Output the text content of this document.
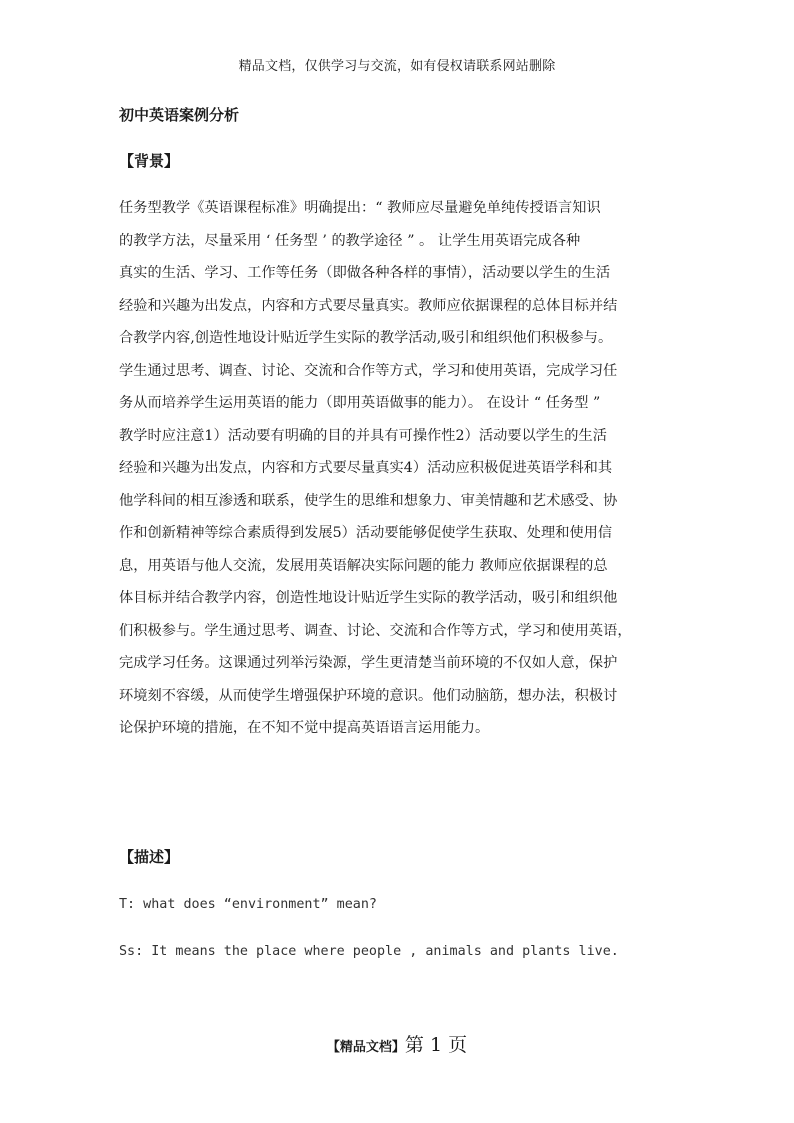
精品文档，仅供学习与交流，如有侵权请联系网站删除
初中英语案例分析
【背景】
任务型教学《英语课程标准》明确提出：“ 教师应尽量避免单纯传授语言知识
的教学方法，尽量采用 ‘ 任务型 ’ 的教学途径 ” 。 让学生用英语完成各种
真实的生活、学习、工作等任务（即做各种各样的事情），活动要以学生的生活
经验和兴趣为出发点，内容和方式要尽量真实。教师应依据课程的总体目标并结
合教学内容,创造性地设计贴近学生实际的教学活动,吸引和组织他们积极参与。
学生通过思考、调查、讨论、交流和合作等方式，学习和使用英语，完成学习任
务从而培养学生运用英语的能力（即用英语做事的能力）。 在设计 “ 任务型 ”
教学时应注意1）活动要有明确的目的并具有可操作性2）活动要以学生的生活
经验和兴趣为出发点，内容和方式要尽量真实4）活动应积极促进英语学科和其
他学科间的相互渗透和联系，使学生的思维和想象力、审美情趣和艺术感受、协
作和创新精神等综合素质得到发展5）活动要能够促使学生获取、处理和使用信
息，用英语与他人交流，发展用英语解决实际问题的能力 教师应依据课程的总
体目标并结合教学内容，创造性地设计贴近学生实际的教学活动，吸引和组织他
们积极参与。学生通过思考、调查、讨论、交流和合作等方式，学习和使用英语，
完成学习任务。这课通过列举污染源，学生更清楚当前环境的不仅如人意，保护
环境刻不容缓，从而使学生增强保护环境的意识。他们动脑筋，想办法，积极讨
论保护环境的措施，在不知不觉中提高英语语言运用能力。
【描述】
T: what does “environment” mean?
Ss: It means the place where people , animals and plants live.
【精品文档】第 1 页
